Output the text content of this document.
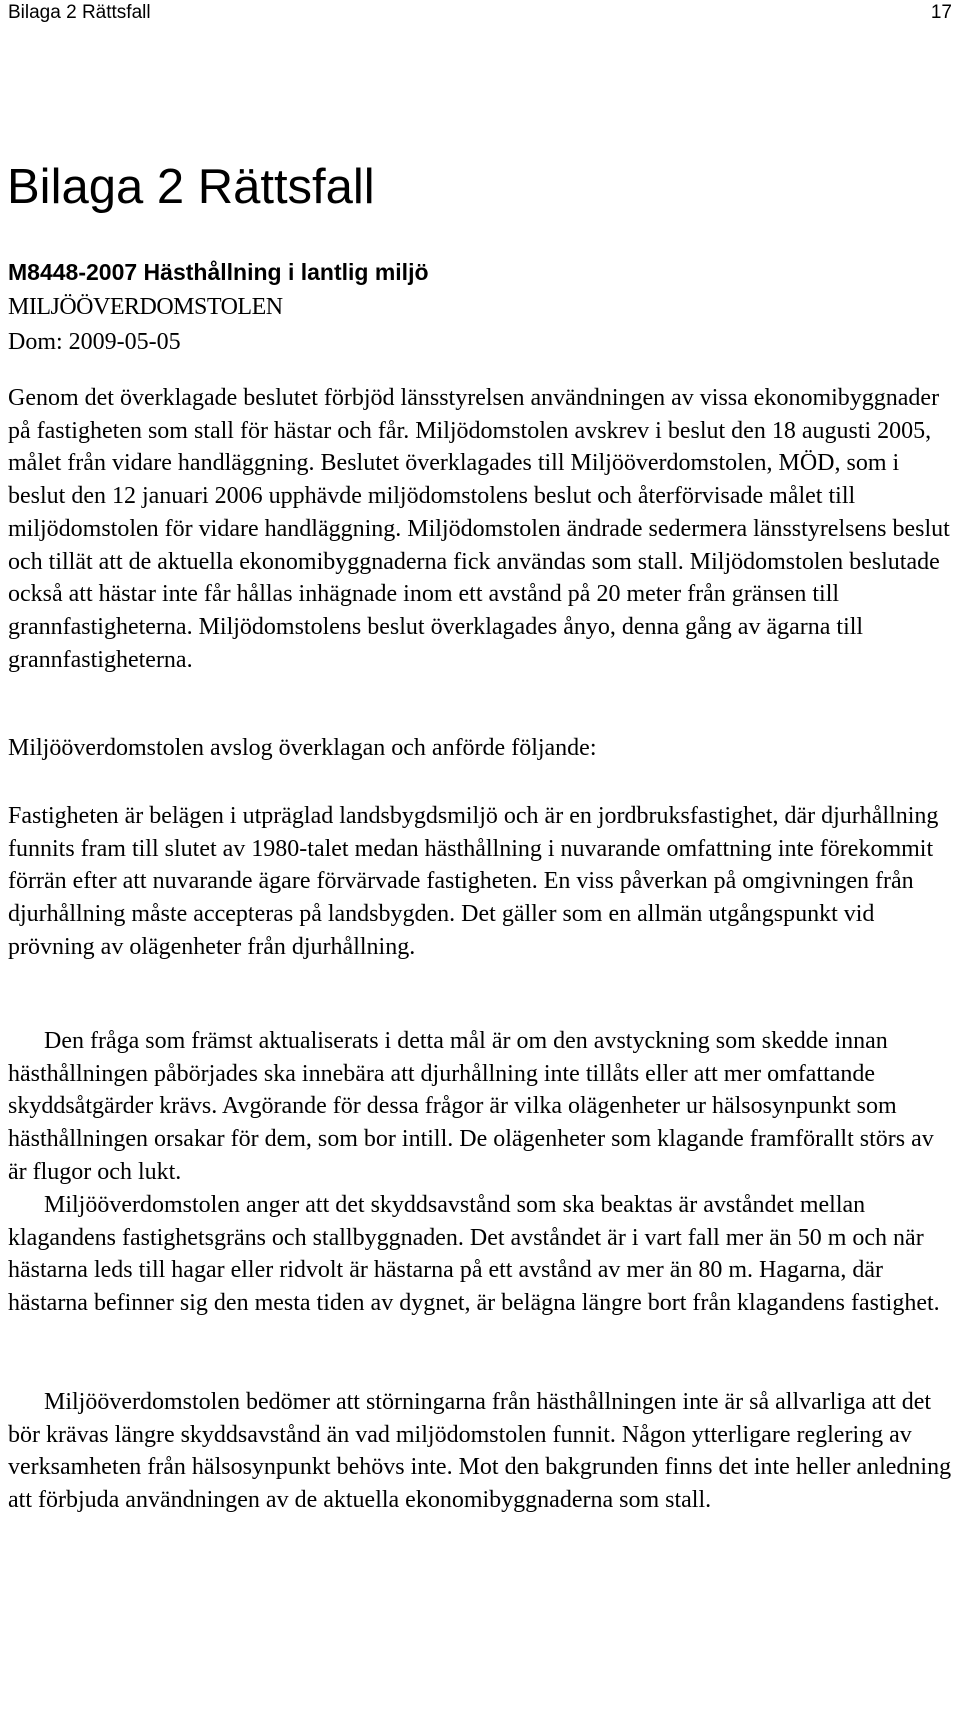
Bilaga 2 Rättsfall	17
Bilaga 2 Rättsfall
M8448-2007 Hästhållning i lantlig miljö
MILJÖÖVERDOMSTOLEN
Dom: 2009-05-05

Genom det överklagade beslutet förbjöd länsstyrelsen användningen av vissa ekonomibyggnader på fastigheten som stall för hästar och får. Miljödomstolen avskrev i beslut den 18 augusti 2005, målet från vidare handläggning. Beslutet överklagades till Miljööverdomstolen, MÖD, som i beslut den 12 januari 2006 upphävde miljödomstolens beslut och återförvisade målet till miljödomstolen för vidare handläggning. Miljödomstolen ändrade sedermera länsstyrelsens beslut och tillät att de aktuella ekonomibyggnaderna fick användas som stall. Miljödomstolen beslutade också att hästar inte får hållas inhägnade inom ett avstånd på 20 meter från gränsen till grannfastigheterna. Miljödomstolens beslut överklagades ånyo, denna gång av ägarna till grannfastigheterna.

Miljööverdomstolen avslog överklagan och anförde följande:

Fastigheten är belägen i utpräglad landsbygdsmiljö och är en jordbruksfastighet, där djurhållning funnits fram till slutet av 1980-talet medan hästhållning i nuvarande omfattning inte förekommit förrän efter att nuvarande ägare förvärvade fastigheten. En viss påverkan på omgivningen från djurhållning måste accepteras på landsbygden. Det gäller som en allmän utgångspunkt vid prövning av olägenheter från djurhållning.

Den fråga som främst aktualiserats i detta mål är om den avstyckning som skedde innan hästhållningen påbörjades ska innebära att djurhållning inte tillåts eller att mer omfattande skyddsåtgärder krävs. Avgörande för dessa frågor är vilka olägenheter ur hälsosynpunkt som hästhållningen orsakar för dem, som bor intill. De olägenheter som klagande framförallt störs av är flugor och lukt.

Miljööverdomstolen anger att det skyddsavstånd som ska beaktas är avståndet mellan klagandens fastighetsgräns och stallbyggnaden. Det avståndet är i vart fall mer än 50 m och när hästarna leds till hagar eller ridvolt är hästarna på ett avstånd av mer än 80 m. Hagarna, där hästarna befinner sig den mesta tiden av dygnet, är belägna längre bort från klagandens fastighet.

Miljööverdomstolen bedömer att störningarna från hästhållningen inte är så allvarliga att det bör krävas längre skyddsavstånd än vad miljödomstolen funnit. Någon ytterligare reglering av verksamheten från hälsosynpunkt behövs inte. Mot den bakgrunden finns det inte heller anledning att förbjuda användningen av de aktuella ekonomibyggnaderna som stall.
